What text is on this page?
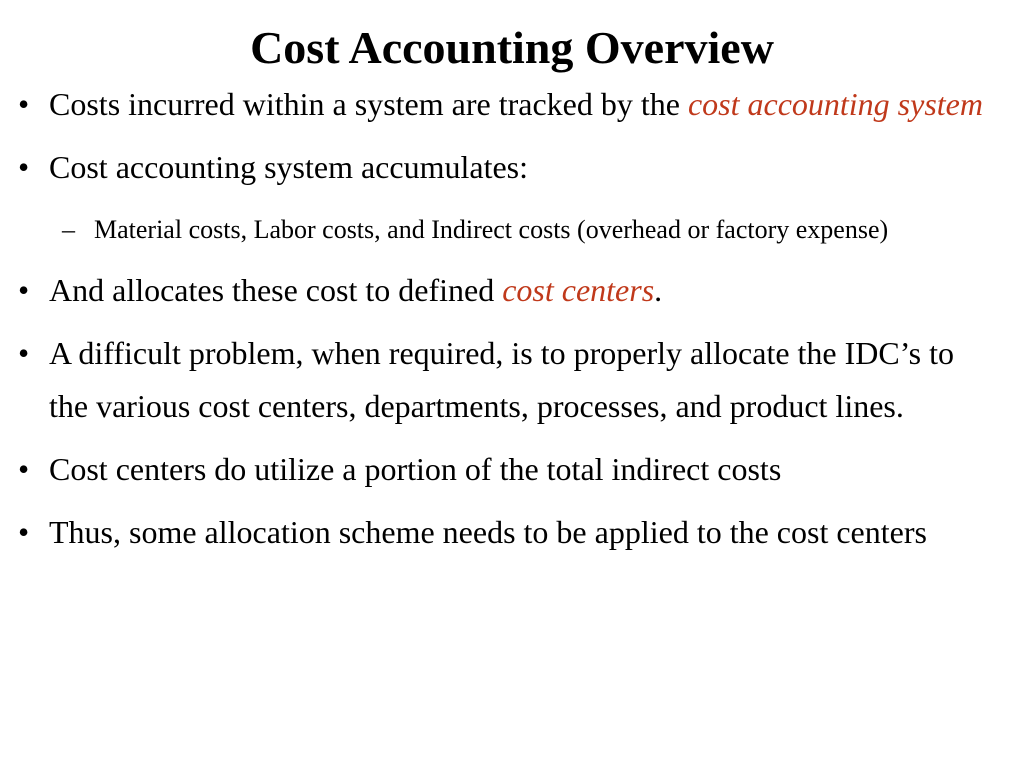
Cost Accounting Overview
• Costs incurred within a system are tracked by the cost accounting system
• Cost accounting system accumulates:
– Material costs, Labor costs, and Indirect costs (overhead or factory expense)
• And allocates these cost to defined cost centers.
• A difficult problem, when required, is to properly allocate the IDC’s to the various cost centers, departments, processes, and product lines.
• Cost centers do utilize a portion of the total indirect costs
• Thus, some allocation scheme needs to be applied to the cost centers
